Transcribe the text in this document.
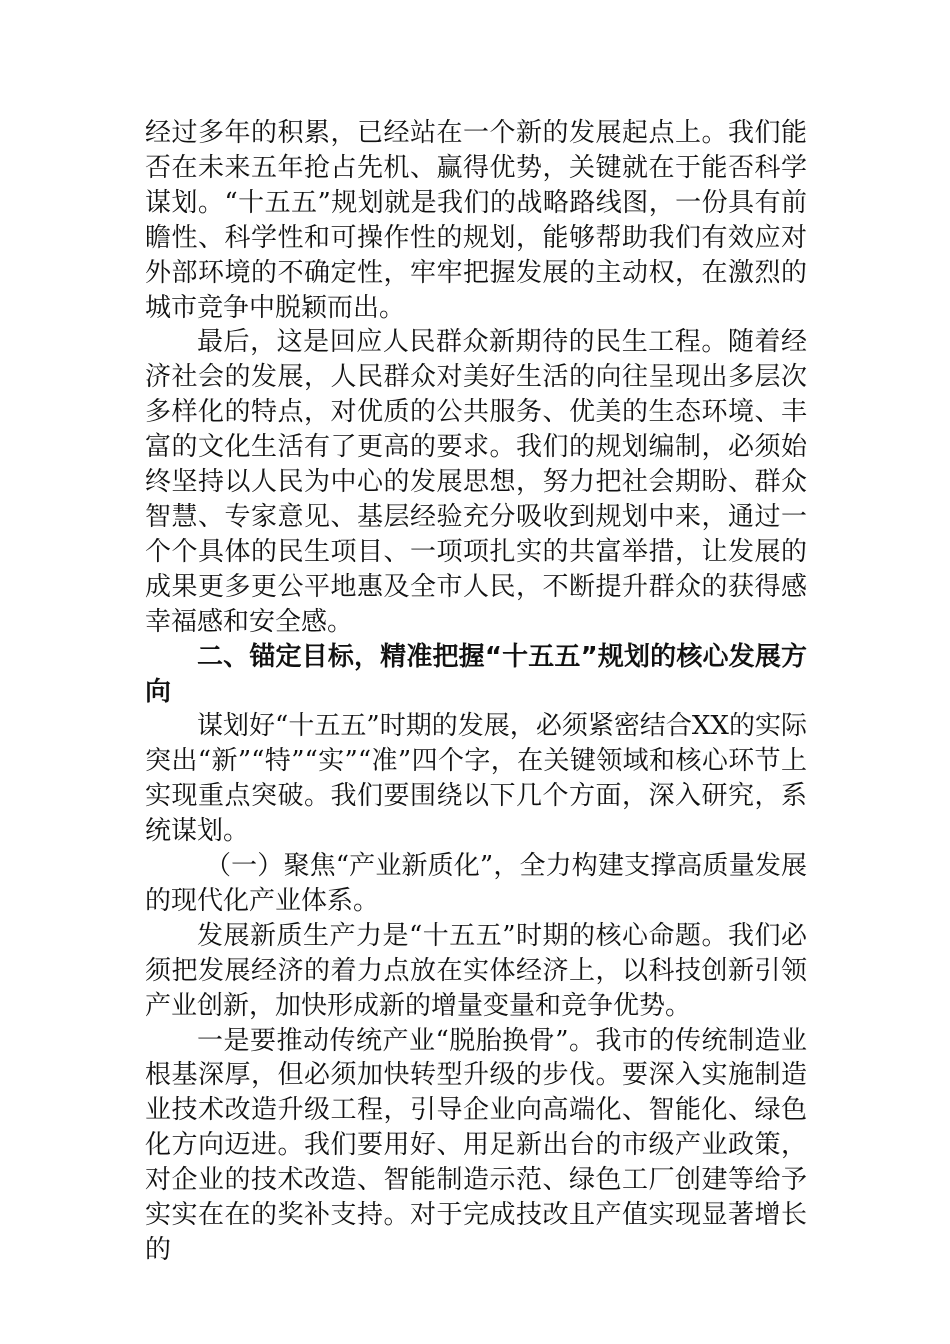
经过多年的积累，已经站在一个新的发展起点上。我们能否在未来五年抢占先机、赢得优势，关键就在于能否科学谋划。“十五五”规划就是我们的战略路线图，一份具有前瞻性、科学性和可操作性的规划，能够帮助我们有效应对外部环境的不确定性，牢牢把握发展的主动权，在激烈的城市竞争中脱颖而出。

最后，这是回应人民群众新期待的民生工程。随着经济社会的发展，人民群众对美好生活的向往呈现出多层次多样化的特点，对优质的公共服务、优美的生态环境、丰富的文化生活有了更高的要求。我们的规划编制，必须始终坚持以人民为中心的发展思想，努力把社会期盼、群众智慧、专家意见、基层经验充分吸收到规划中来，通过一个个具体的民生项目、一项项扎实的共富举措，让发展的成果更多更公平地惠及全市人民，不断提升群众的获得感幸福感和安全感。

二、锚定目标，精准把握“十五五”规划的核心发展方向

谋划好“十五五”时期的发展，必须紧密结合XX的实际突出“新”“特”“实”“准”四个字，在关键领域和核心环节上实现重点突破。我们要围绕以下几个方面，深入研究，系统谋划。

（一）聚焦“产业新质化”，全力构建支撑高质量发展的现代化产业体系。

发展新质生产力是“十五五”时期的核心命题。我们必须把发展经济的着力点放在实体经济上，以科技创新引领产业创新，加快形成新的增量变量和竞争优势。

一是要推动传统产业“脱胎换骨”。我市的传统制造业根基深厚，但必须加快转型升级的步伐。要深入实施制造业技术改造升级工程，引导企业向高端化、智能化、绿色化方向迈进。我们要用好、用足新出台的市级产业政策，对企业的技术改造、智能制造示范、绿色工厂创建等给予实实在在的奖补支持。对于完成技改且产值实现显著增长的
